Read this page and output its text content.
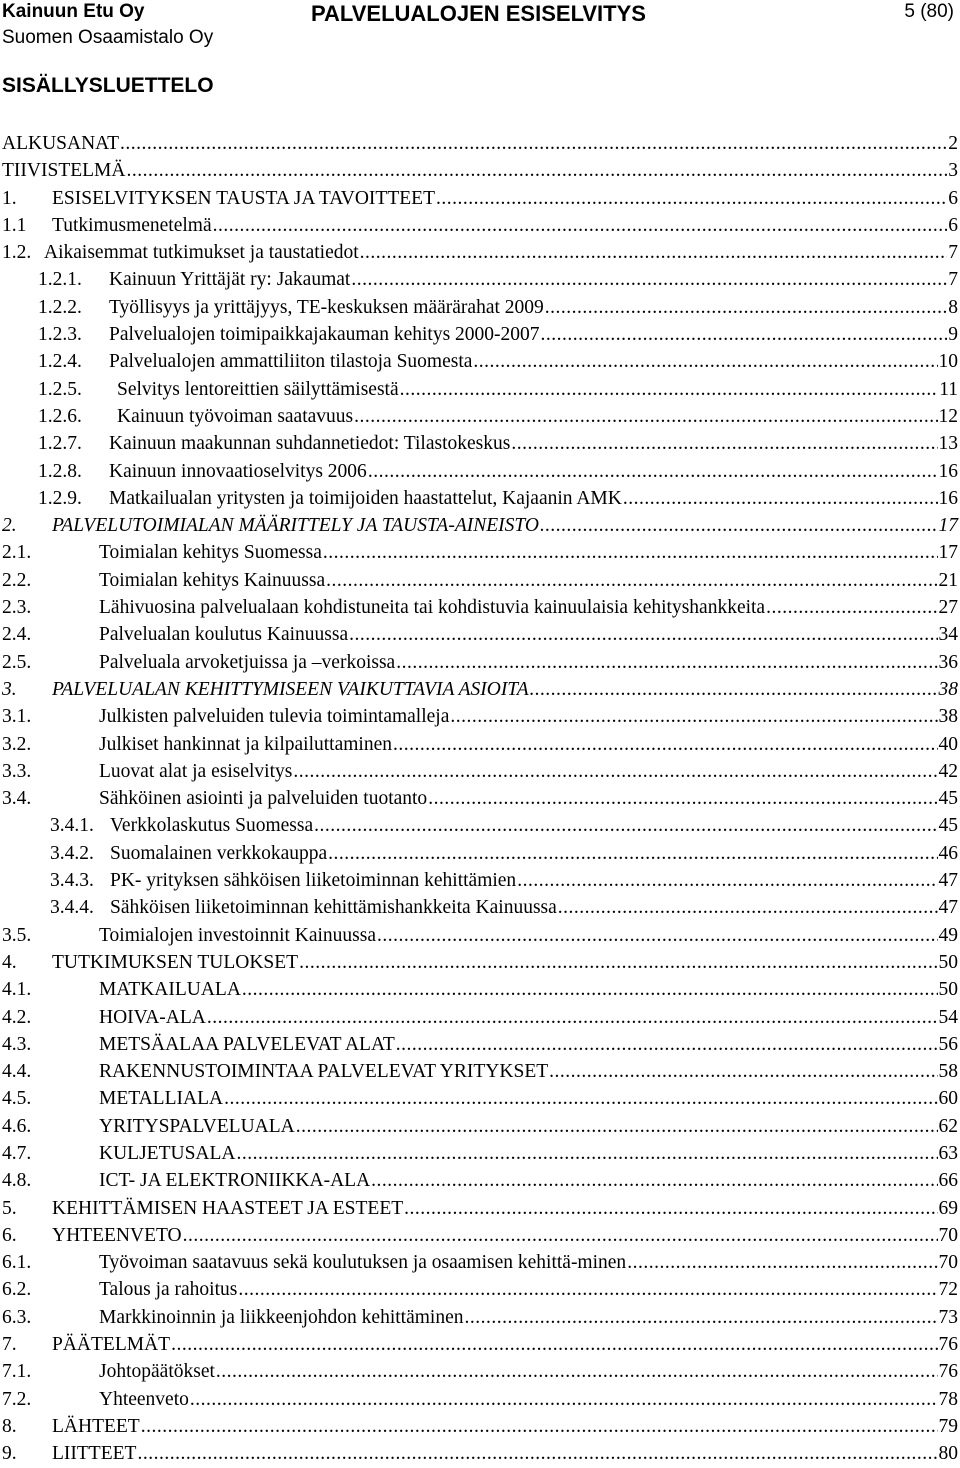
Kainuun Etu Oy
Suomen Osaamistalo Oy
PALVELUALOJEN ESISELVITYS	5 (80)
SISÄLLYSLUETTELO
ALKUSANAT .....	2
TIIVISTELMÄ .....	3
1.	ESISELVITYKSEN TAUSTA JA TAVOITTEET .....	6
1.1	Tutkimusmenetelmä .....	6
1.2. Aikaisemmat tutkimukset ja taustatiedot .....	7
1.2.1.	Kainuun Yrittäjät ry: Jakaumat .....	7
1.2.2.	Työllisyys ja yrittäjyys, TE-keskuksen määrärahat 2009 .....	8
1.2.3.	Palvelualojen toimipaikkajakauman kehitys 2000-2007 .....	9
1.2.4.	Palvelualojen ammattiliiton tilastoja Suomesta .....	10
1.2.5.	Selvitys lentoreittien säilyttämisestä .....	11
1.2.6.	Kainuun työvoiman saatavuus .....	12
1.2.7.	Kainuun maakunnan suhdannetiedot: Tilastokeskus .....	13
1.2.8.	Kainuun innovaatioselvitys 2006 .....	16
1.2.9.	Matkailualan yritysten ja toimijoiden haastattelut, Kajaanin AMK .....	16
2.	PALVELUTOIMIALAN MÄÄRITTELY JA TAUSTA-AINEISTO .....	17
2.1.	Toimialan kehitys Suomessa .....	17
2.2.	Toimialan kehitys Kainuussa .....	21
2.3.	Lähivuosina palvelualaan kohdistuneita tai kohdistuvia kainuulaisia kehityshankkeita .....	27
2.4.	Palvelualan koulutus Kainuussa .....	34
2.5.	Palveluala arvoketjuissa ja –verkoissa .....	36
3.	PALVELUALAN KEHITTYMISEEN VAIKUTTAVIA ASIOITA .....	38
3.1.	Julkisten palveluiden tulevia toimintamalleja .....	38
3.2.	Julkiset hankinnat ja kilpailuttaminen .....	40
3.3.	Luovat alat ja esiselvitys .....	42
3.4.	Sähköinen asiointi ja palveluiden tuotanto .....	45
3.4.1. Verkkolaskutus Suomessa .....	45
3.4.2. Suomalainen verkkokauppa .....	46
3.4.3. PK- yrityksen sähköisen liiketoiminnan kehittämien .....	47
3.4.4. Sähköisen liiketoiminnan kehittämishankkeita Kainuussa .....	47
3.5.	Toimialojen investoinnit Kainuussa .....	49
4.	TUTKIMUKSEN TULOKSET .....	50
4.1.	MATKAILUALA .....	50
4.2.	HOIVA-ALA .....	54
4.3.	METSÄALAA PALVELEVAT ALAT .....	56
4.4.	RAKENNUSTOIMINTAA PALVELEVAT YRITYKSET .....	58
4.5.	METALLIALA .....	60
4.6.	YRITYSPALVELUALA .....	62
4.7.	KULJETUSALA .....	63
4.8.	ICT- JA ELEKTRONIIKKA-ALA .....	66
5.	KEHITTÄMISEN HAASTEET JA ESTEET .....	69
6.	YHTEENVETO .....	70
6.1.	Työvoiman saatavuus sekä koulutuksen ja osaamisen kehittä-minen .....	70
6.2.	Talous ja rahoitus .....	72
6.3.	Markkinoinnin ja liikkeenjohdon kehittäminen .....	73
7.	PÄÄTELMÄT .....	76
7.1.	Johtopäätökset .....	76
7.2.	Yhteenveto .....	78
8.	LÄHTEET .....	79
9.	LIITTEET .....	80
